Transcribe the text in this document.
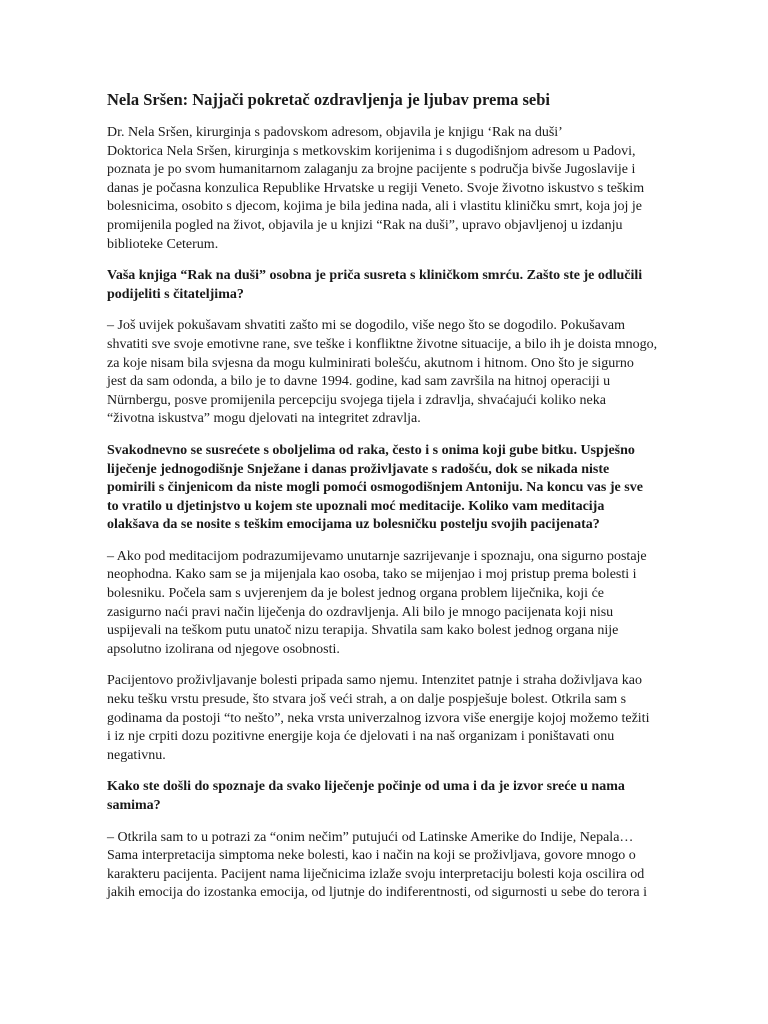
Nela Sršen: Najjači pokretač ozdravljenja je ljubav prema sebi

Dr. Nela Sršen, kirurginja s padovskom adresom, objavila je knjigu ‘Rak na duši’
Doktorica Nela Sršen, kirurginja s metkovskim korijenima i s dugodišnjom adresom u Padovi,
poznata je po svom humanitarnom zalaganju za brojne pacijente s područja bivše Jugoslavije i
danas je počasna konzulica Republike Hrvatske u regiji Veneto. Svoje životno iskustvo s teškim
bolesnicima, osobito s djecom, kojima je bila jedina nada, ali i vlastitu kliničku smrt, koja joj je
promijenila pogled na život, objavila je u knjizi “Rak na duši”, upravo objavljenoj u izdanju
biblioteke Ceterum.

Vaša knjiga “Rak na duši” osobna je priča susreta s kliničkom smrću. Zašto ste je odlučili
podijeliti s čitateljima?

– Još uvijek pokušavam shvatiti zašto mi se dogodilo, više nego što se dogodilo. Pokušavam
shvatiti sve svoje emotivne rane, sve teške i konfliktne životne situacije, a bilo ih je doista mnogo,
za koje nisam bila svjesna da mogu kulminirati bolešću, akutnom i hitnom. Ono što je sigurno
jest da sam odonda, a bilo je to davne 1994. godine, kad sam završila na hitnoj operaciji u
Nürnbergu, posve promijenila percepciju svojega tijela i zdravlja, shvaćajući koliko neka
“životna iskustva” mogu djelovati na integritet zdravlja.

Svakodnevno se susrećete s oboljelima od raka, često i s onima koji gube bitku. Uspješno
liječenje jednogodišnje Snježane i danas proživljavate s radošću, dok se nikada niste
pomirili s činjenicom da niste mogli pomoći osmogodišnjem Antoniju. Na koncu vas je sve
to vratilo u djetinjstvo u kojem ste upoznali moć meditacije. Koliko vam meditacija
olakšava da se nosite s teškim emocijama uz bolesničku postelju svojih pacijenata?

– Ako pod meditacijom podrazumijevamo unutarnje sazrijevanje i spoznaju, ona sigurno postaje
neophodna. Kako sam se ja mijenjala kao osoba, tako se mijenjao i moj pristup prema bolesti i
bolesniku. Počela sam s uvjerenjem da je bolest jednog organa problem liječnika, koji će
zasigurno naći pravi način liječenja do ozdravljenja. Ali bilo je mnogo pacijenata koji nisu
uspijevali na teškom putu unatoč nizu terapija. Shvatila sam kako bolest jednog organa nije
apsolutno izolirana od njegove osobnosti.

Pacijentovo proživljavanje bolesti pripada samo njemu. Intenzitet patnje i straha doživljava kao
neku tešku vrstu presude, što stvara još veći strah, a on dalje pospješuje bolest. Otkrila sam s
godinama da postoji “to nešto”, neka vrsta univerzalnog izvora više energije kojoj možemo težiti
i iz nje crpiti dozu pozitivne energije koja će djelovati i na naš organizam i poništavati onu
negativnu.

Kako ste došli do spoznaje da svako liječenje počinje od uma i da je izvor sreće u nama
samima?

– Otkrila sam to u potrazi za “onim nečim” putujući od Latinske Amerike do Indije, Nepala…
Sama interpretacija simptoma neke bolesti, kao i način na koji se proživljava, govore mnogo o
karakteru pacijenta. Pacijent nama liječnicima izlaže svoju interpretaciju bolesti koja oscilira od
jakih emocija do izostanka emocija, od ljutnje do indiferentnosti, od sigurnosti u sebe do terora i
